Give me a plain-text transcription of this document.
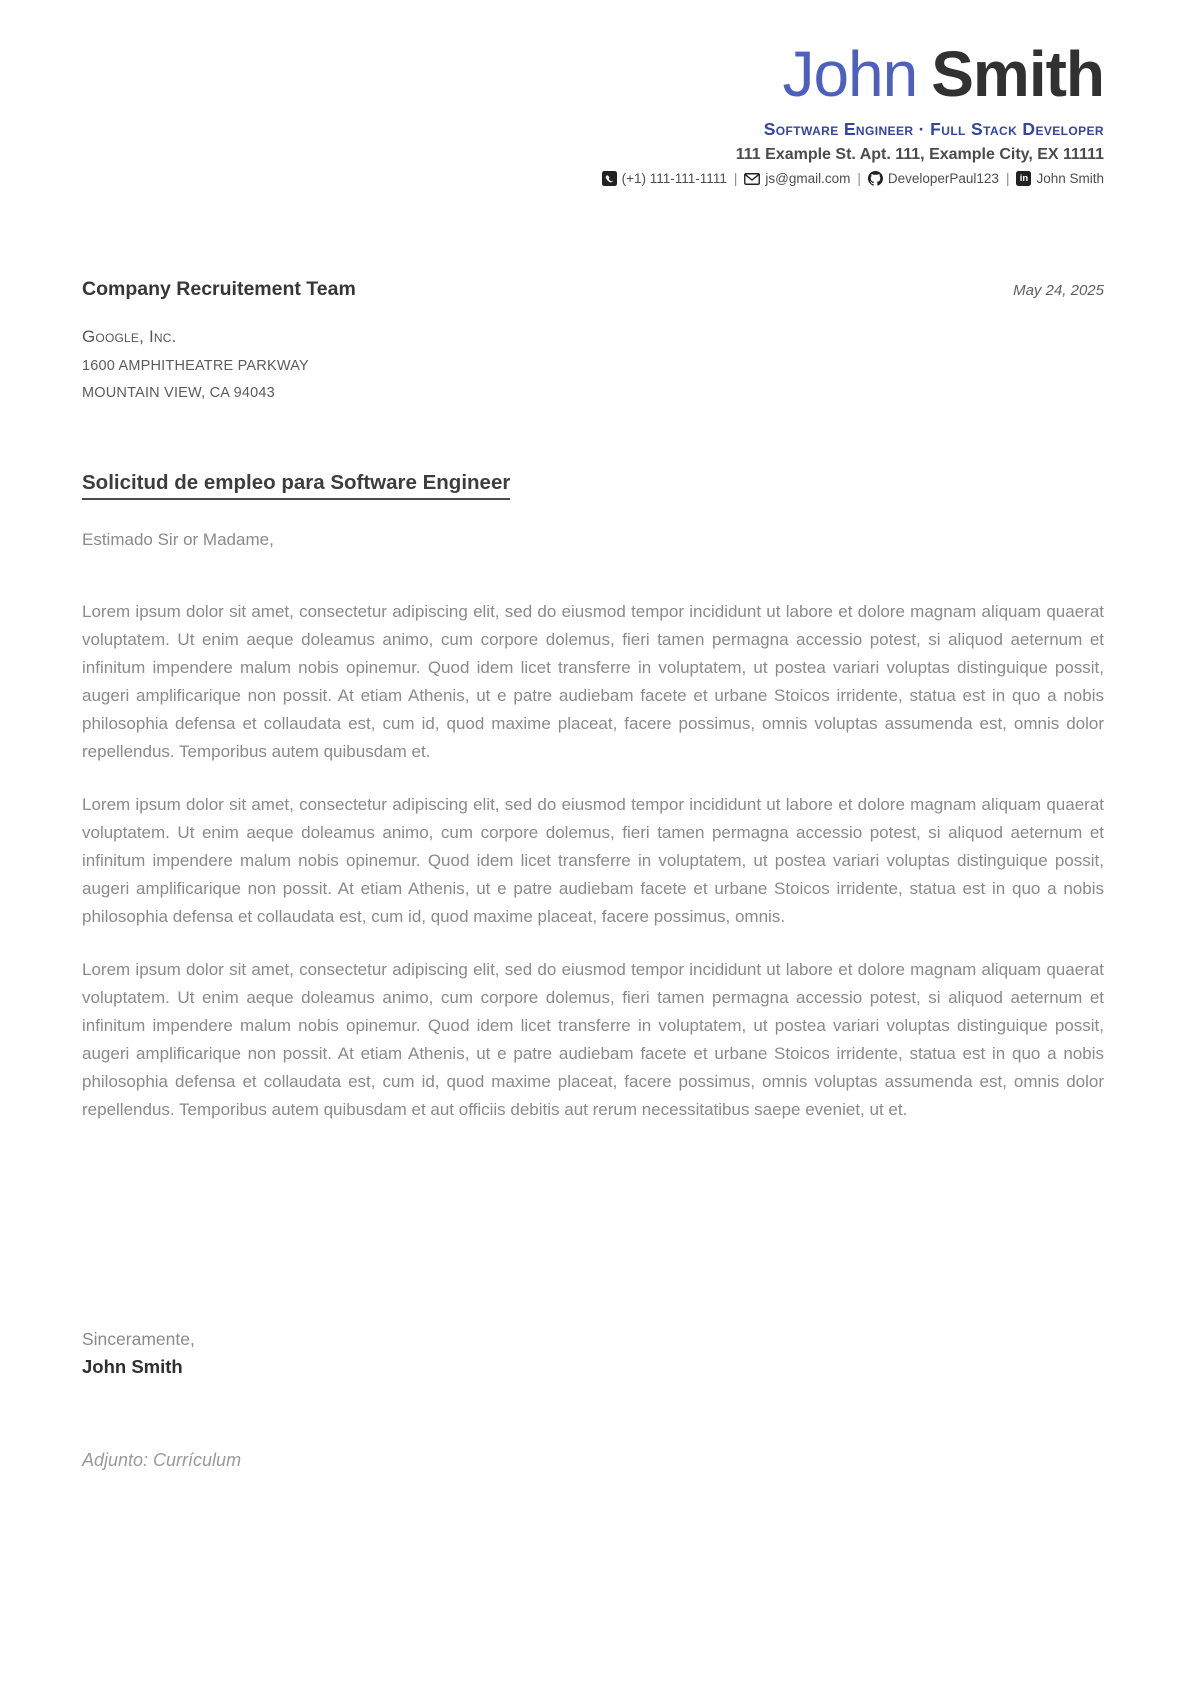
John Smith
Software Engineer · Full Stack Developer
111 Example St. Apt. 111, Example City, EX 11111
(+1) 111-111-1111 | js@gmail.com | DeveloperPaul123 |	in John Smith
Company Recruitement Team	May 24, 2025
Google, Inc.
1600 AMPHITHEATRE PARKWAY
MOUNTAIN VIEW, CA 94043
Solicitud de empleo para Software Engineer
Estimado Sir or Madame,

Lorem ipsum dolor sit amet, consectetur adipiscing elit, sed do eiusmod tempor incididunt ut labore et dolore magnam aliquam quaerat voluptatem. Ut enim aeque doleamus animo, cum corpore dolemus, fieri tamen permagna accessio potest, si aliquod aeternum et infinitum impendere malum nobis opinemur. Quod idem licet transferre in voluptatem, ut postea variari voluptas distinguique possit, augeri amplificarique non possit. At etiam Athenis, ut e patre audiebam facete et urbane Stoicos irridente, statua est in quo a nobis philosophia defensa et collaudata est, cum id, quod maxime placeat, facere possimus, omnis voluptas assumenda est, omnis dolor repellendus. Temporibus autem quibusdam et.

Lorem ipsum dolor sit amet, consectetur adipiscing elit, sed do eiusmod tempor incididunt ut labore et dolore magnam aliquam quaerat voluptatem. Ut enim aeque doleamus animo, cum corpore dolemus, fieri tamen permagna accessio potest, si aliquod aeternum et infinitum impendere malum nobis opinemur. Quod idem licet transferre in voluptatem, ut postea variari voluptas distinguique possit, augeri amplificarique non possit. At etiam Athenis, ut e patre audiebam facete et urbane Stoicos irridente, statua est in quo a nobis philosophia defensa et collaudata est, cum id, quod maxime placeat, facere possimus, omnis.

Lorem ipsum dolor sit amet, consectetur adipiscing elit, sed do eiusmod tempor incididunt ut labore et dolore magnam aliquam quaerat voluptatem. Ut enim aeque doleamus animo, cum corpore dolemus, fieri tamen permagna accessio potest, si aliquod aeternum et infinitum impendere malum nobis opinemur. Quod idem licet transferre in voluptatem, ut postea variari voluptas distinguique possit, augeri amplificarique non possit. At etiam Athenis, ut e patre audiebam facete et urbane Stoicos irridente, statua est in quo a nobis philosophia defensa et collaudata est, cum id, quod maxime placeat, facere possimus, omnis voluptas assumenda est, omnis dolor repellendus. Temporibus autem quibusdam et aut officiis debitis aut rerum necessitatibus saepe eveniet, ut et.

Sinceramente,
John Smith
Adjunto: Currículum
